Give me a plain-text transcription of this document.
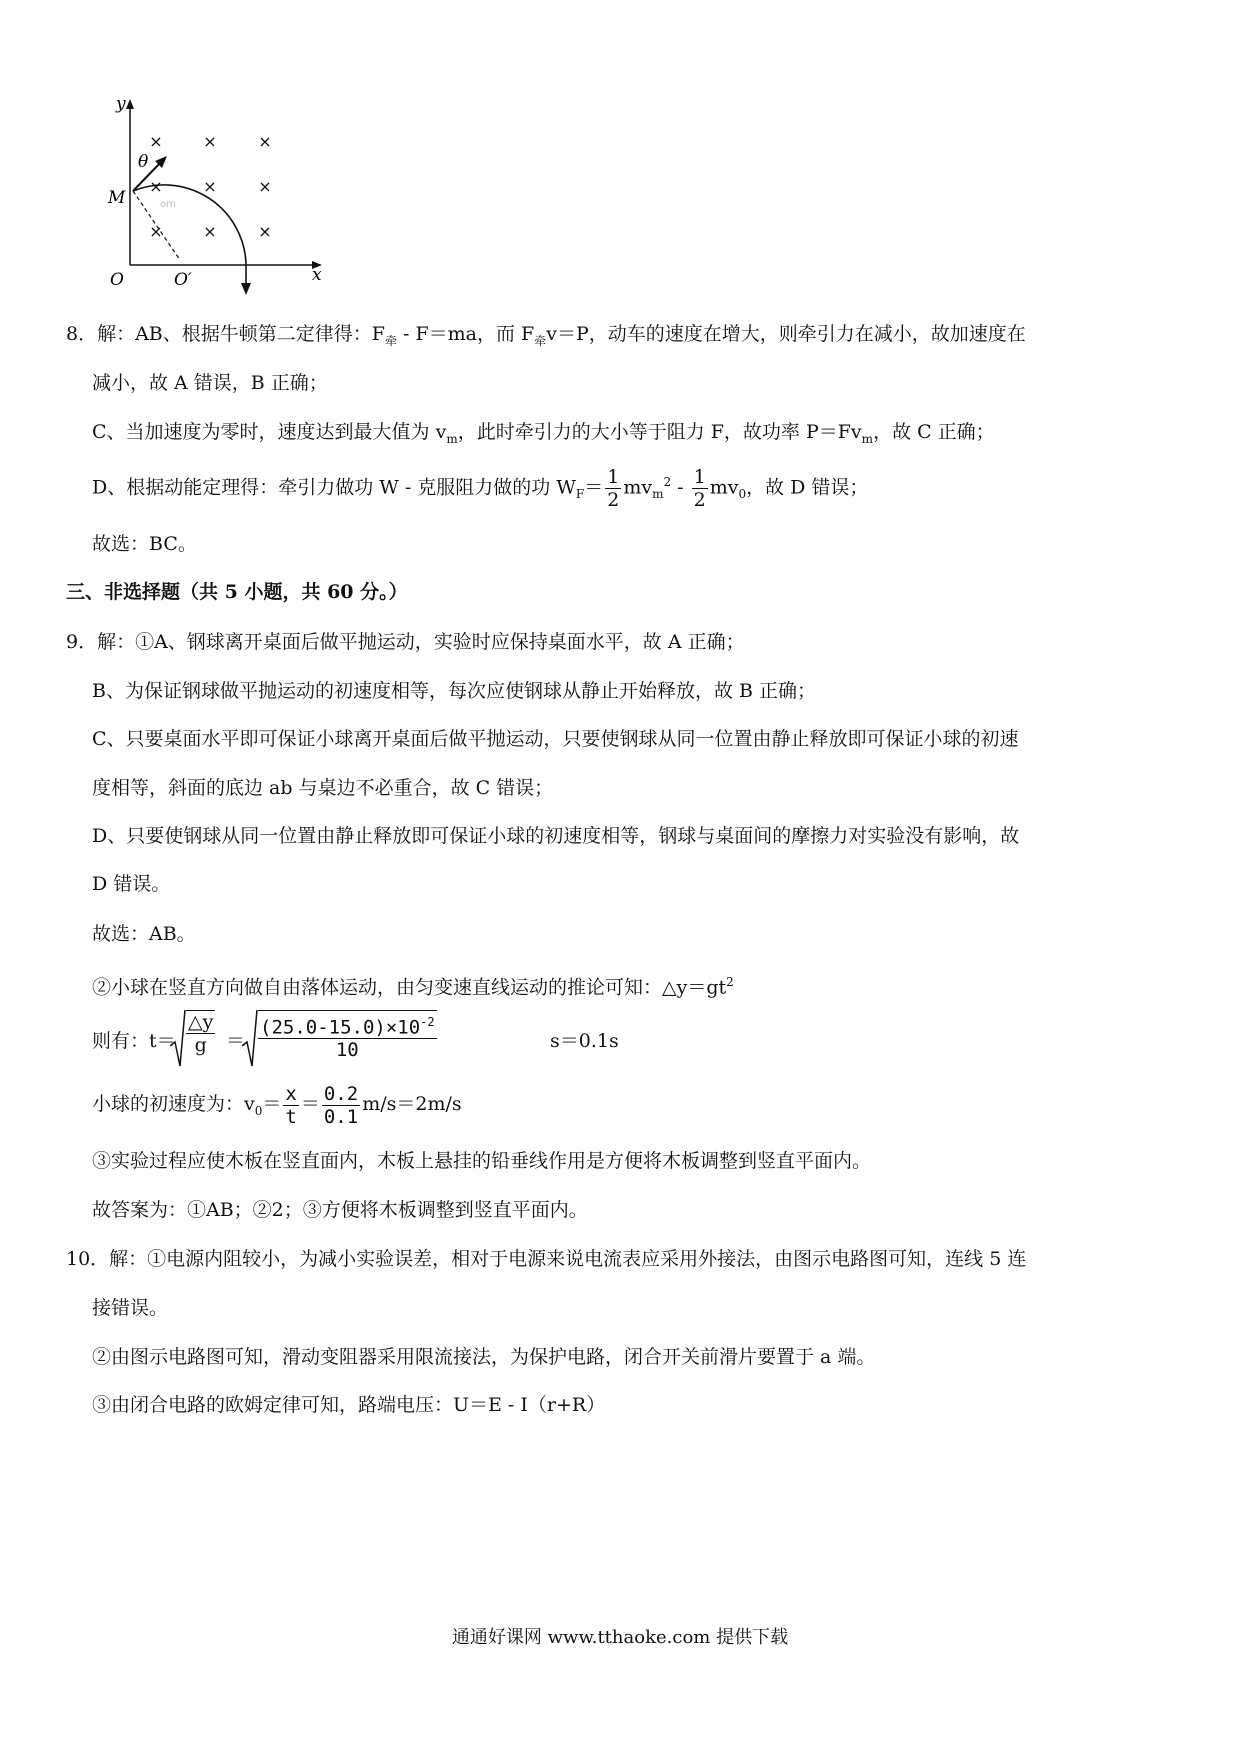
×	×	×
×	×	×
×	×	×
y
x
O	O′
M
θ
om
8．解：AB、根据牛顿第二定律得：$F_牵 - F=ma$，而 $F_牵v=P$，动车的速度在增大，则牵引力在减小，故加速度在
减小，故 A 错误，B 正确；
C、当加速度为零时，速度达到最大值为 $v_m$，此时牵引力的大小等于阻力 F，故功率 $P=Fv_m$，故 C 正确；
D、根据动能定理得：牵引力做功 W - 克服阻力做的功 $W_F= \frac{1}{2} mv_m^2 - \frac{1}{2} mv_0$，故 D 错误；
故选：BC。
三、非选择题（共 5 小题，共 60 分。）
9．解：①A、钢球离开桌面后做平抛运动，实验时应保持桌面水平，故 A 正确；
B、为保证钢球做平抛运动的初速度相等，每次应使钢球从静止开始释放，故 B 正确；
C、只要桌面水平即可保证小球离开桌面后做平抛运动，只要使钢球从同一位置由静止释放即可保证小球的初速
度相等，斜面的底边 ab 与桌边不必重合，故 C 错误；
D、只要使钢球从同一位置由静止释放即可保证小球的初速度相等，钢球与桌面间的摩擦力对实验没有影响，故
D 错误。
故选：AB。
②小球在竖直方向做自由落体运动，由匀变速直线运动的推论可知：$\triangle y=gt^2$
则有：$t= \frac{\triangle y}{g} = \frac{(25.0-15.0)\times 10^{-2}}{10}$	s＝0.1s
小球的初速度为：$v_0= \frac{x}{t} = \frac{0.2}{0.1} m/s=2m/s$
③实验过程应使木板在竖直面内，木板上悬挂的铅垂线作用是方便将木板调整到竖直平面内。
故答案为：①AB；②2；③方便将木板调整到竖直平面内。
10．解：①电源内阻较小，为减小实验误差，相对于电源来说电流表应采用外接法，由图示电路图可知，连线 5 连
接错误。
②由图示电路图可知，滑动变阻器采用限流接法，为保护电路，闭合开关前滑片要置于 a 端。
③由闭合电路的欧姆定律可知，路端电压：U＝E - I（r+R）
通通好课网 www.tthaoke.com 提供下载
